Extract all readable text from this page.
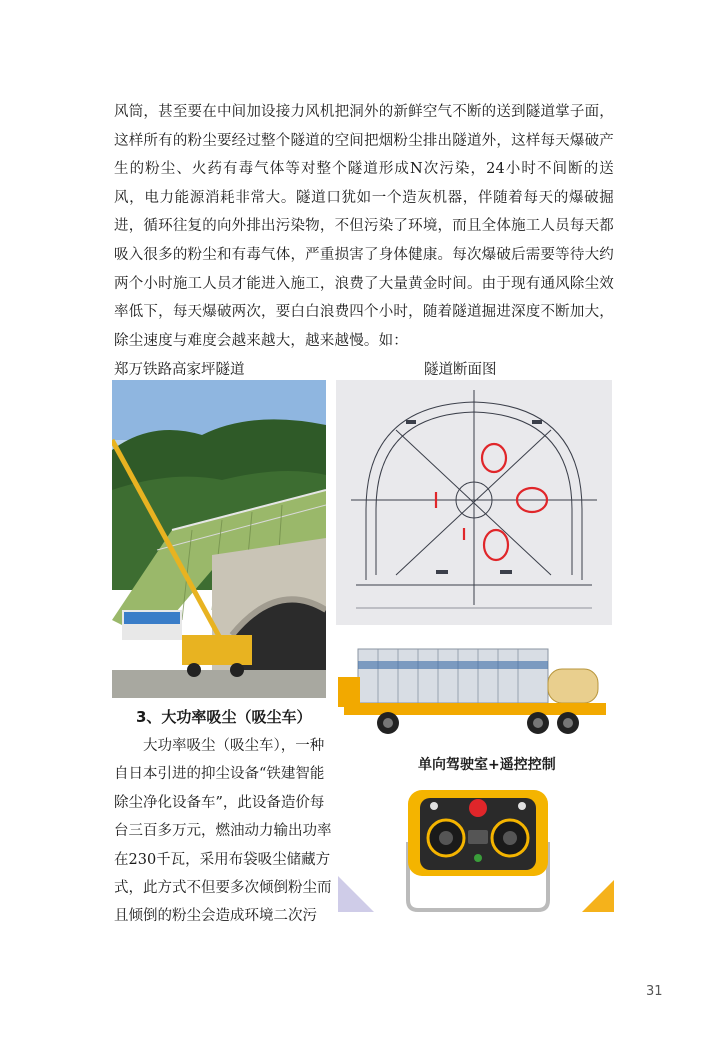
风筒，甚至要在中间加设接力风机把洞外的新鲜空气不断的送到隧道掌子面，这样所有的粉尘要经过整个隧道的空间把烟粉尘排出隧道外，这样每天爆破产生的粉尘、火药有毒气体等对整个隧道形成N次污染，24小时不间断的送风，电力能源消耗非常大。隧道口犹如一个造灰机器，伴随着每天的爆破掘进，循环往复的向外排出污染物，不但污染了环境，而且全体施工人员每天都吸入很多的粉尘和有毒气体，严重损害了身体健康。每次爆破后需要等待大约两个小时施工人员才能进入施工，浪费了大量黄金时间。由于现有通风除尘效率低下，每天爆破两次，要白白浪费四个小时，随着隧道掘进深度不断加大，除尘速度与难度会越来越大，越来越慢。如：
郑万铁路高家坪隧道	隧道断面图
单向驾驶室+遥控控制
3、大功率吸尘（吸尘车）
大功率吸尘（吸尘车），一种
自日本引进的抑尘设备“铁建智能
除尘净化设备车”，此设备造价每
台三百多万元，燃油动力输出功率
在230千瓦，采用布袋吸尘储藏方
式，此方式不但要多次倾倒粉尘而
且倾倒的粉尘会造成环境二次污
31
